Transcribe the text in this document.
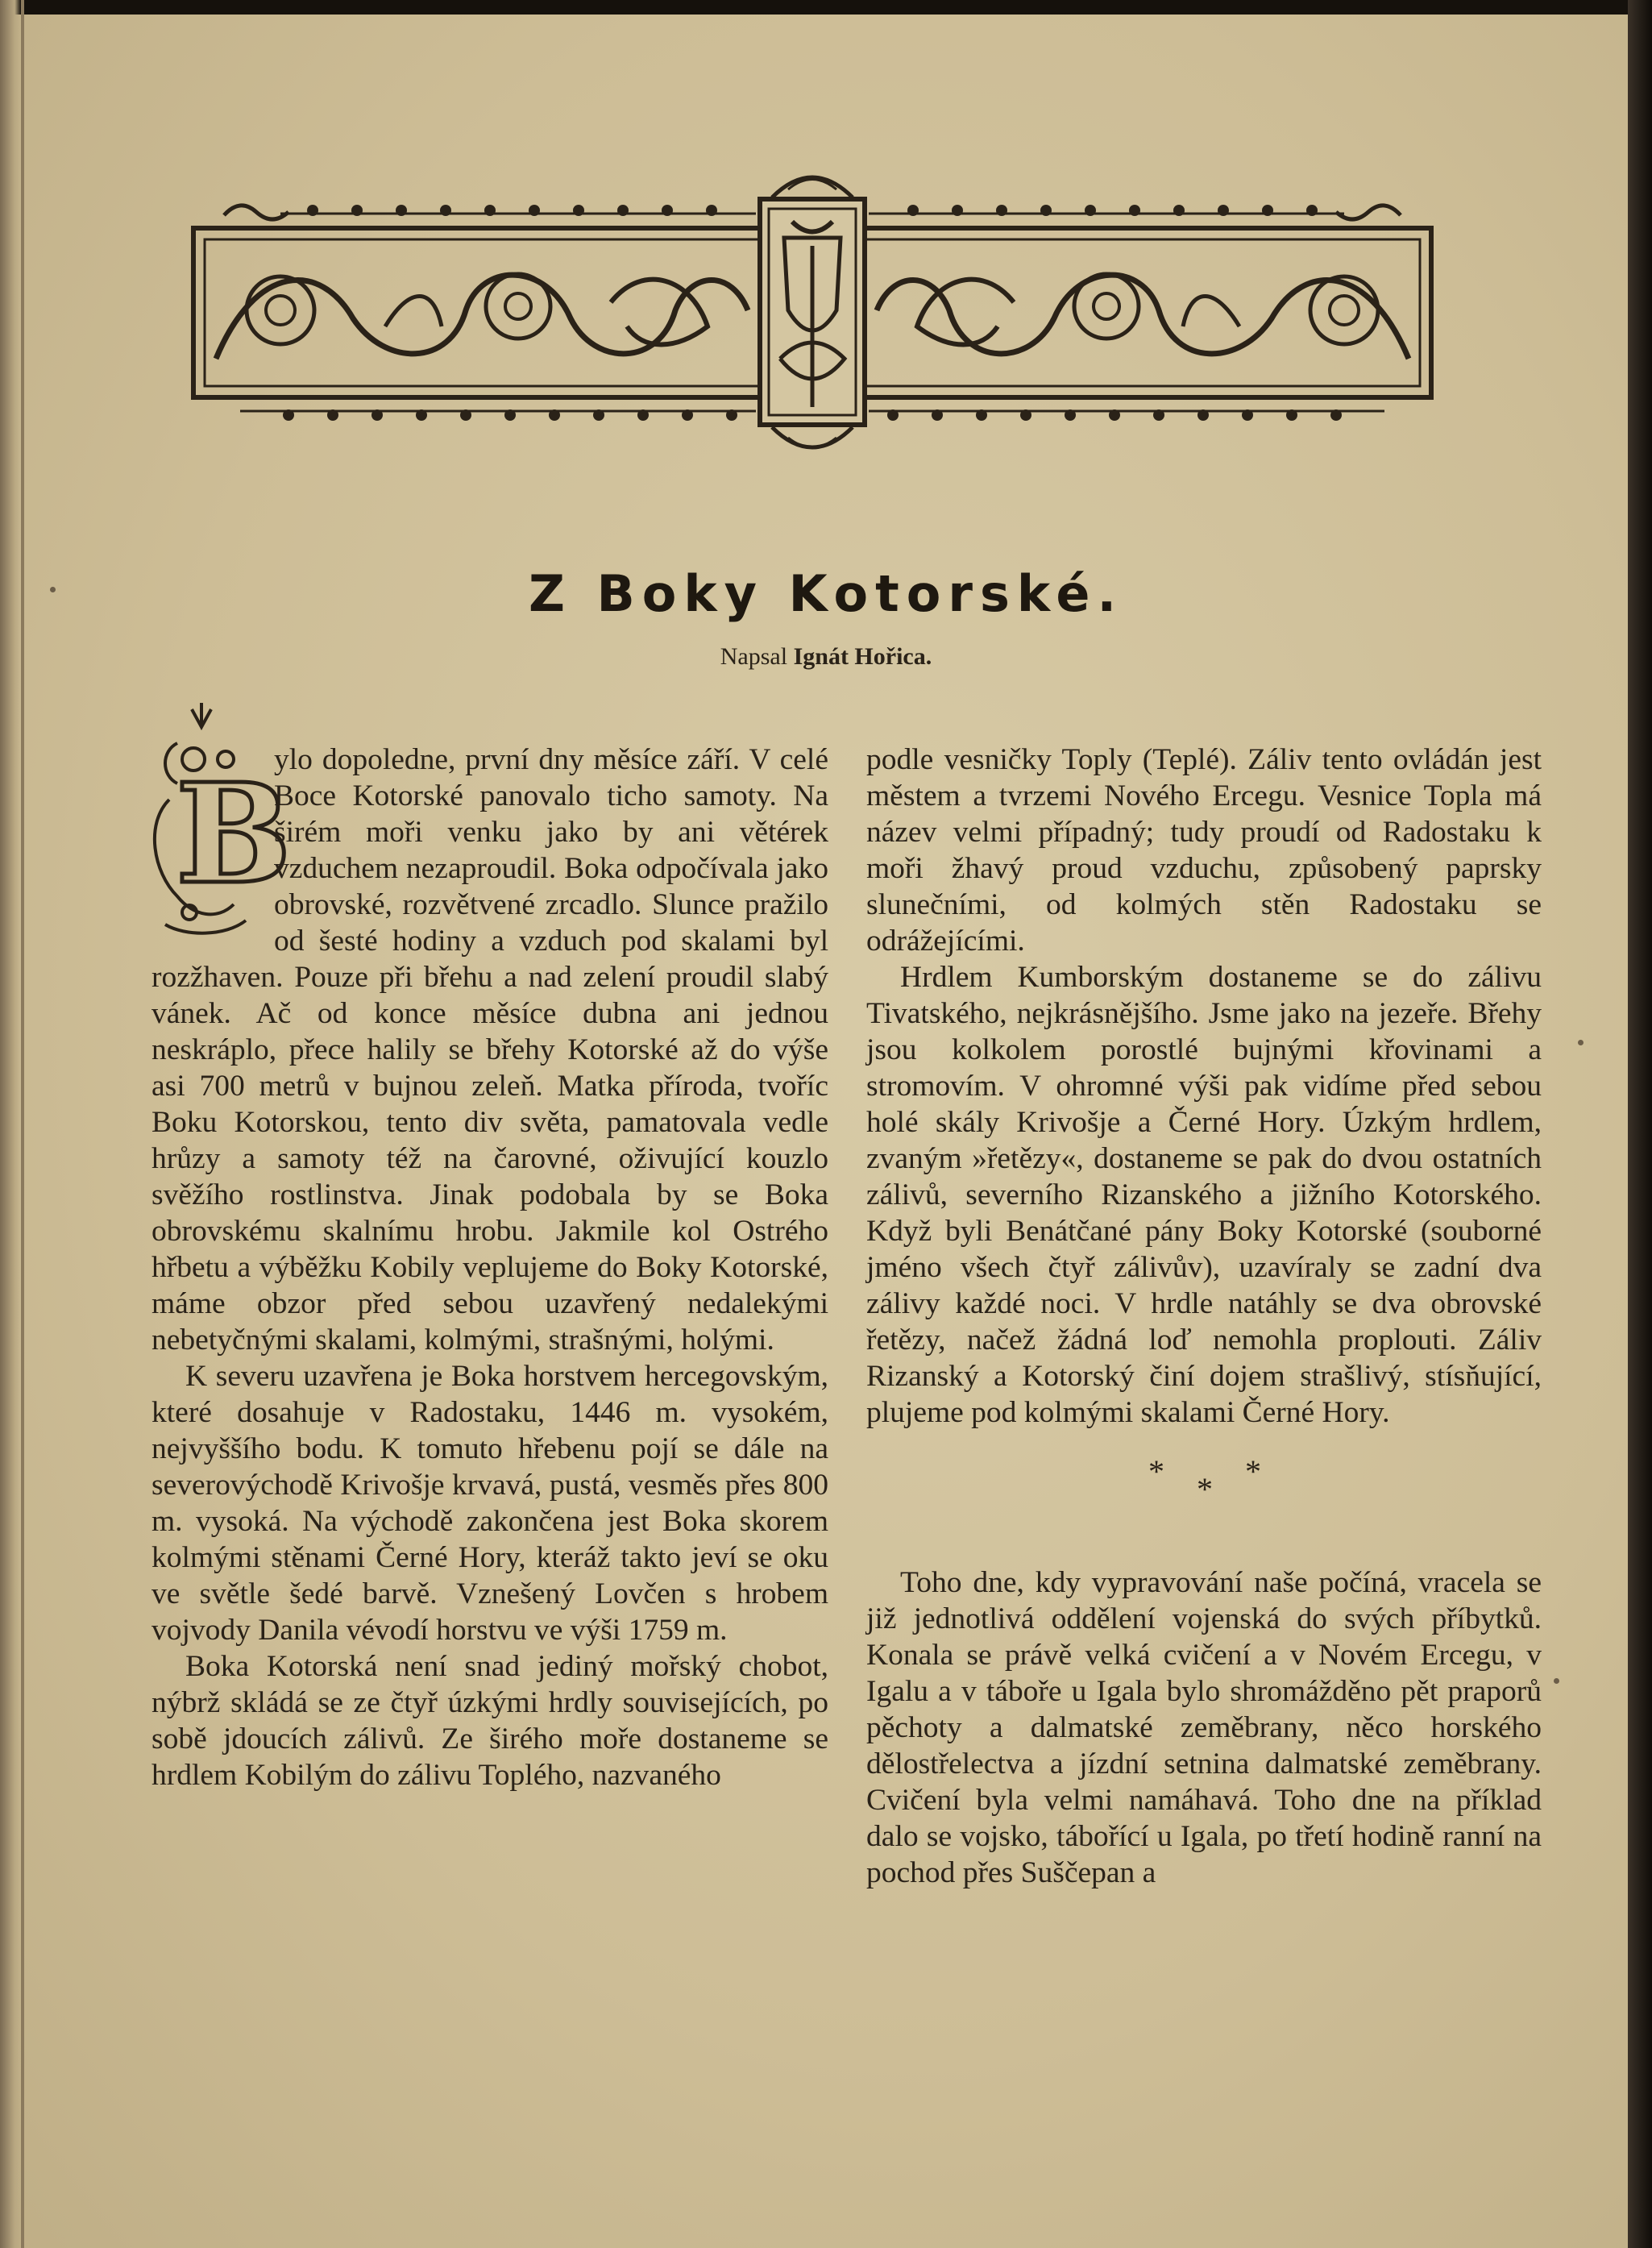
Z Boky Kotorské.
Napsal Ignát Hořica.

B
ylo dopoledne, první dny měsíce září. V celé Boce Kotorské panovalo ticho samoty. Na širém moři venku jako by ani větérek vzduchem nezaproudil. Boka odpočívala jako obrovské, rozvětvené zrcadlo. Slunce pražilo od šesté hodiny a vzduch pod skalami byl rozžhaven. Pouze při břehu a nad zelení proudil slabý vánek. Ač od konce měsíce dubna ani jednou neskráplo, přece halily se břehy Kotorské až do výše asi 700 metrů v bujnou zeleň. Matka příroda, tvoříc Boku Kotorskou, tento div světa, pamatovala vedle hrůzy a samoty též na čarovné, oživující kouzlo svěžího rostlinstva. Jinak podobala by se Boka obrovskému skalnímu hrobu. Jakmile kol Ostrého hřbetu a výběžku Kobily veplujeme do Boky Kotorské, máme obzor před sebou uzavřený nedalekými nebetyčnými skalami, kolmými, strašnými, holými.

K severu uzavřena je Boka horstvem hercegovským, které dosahuje v Radostaku, 1446 m. vysokém, nejvyššího bodu. K tomuto hřebenu pojí se dále na severovýchodě Krivošje krvavá, pustá, vesměs přes 800 m. vysoká. Na východě zakončena jest Boka skorem kolmými stěnami Černé Hory, kteráž takto jeví se oku ve světle šedé barvě. Vznešený Lovčen s hrobem vojvody Danila vévodí horstvu ve výši 1759 m.

Boka Kotorská není snad jediný mořský chobot, nýbrž skládá se ze čtyř úzkými hrdly souvisejících, po sobě jdoucích zálivů. Ze širého moře dostaneme se hrdlem Kobilým do zálivu Toplého, nazvaného

podle vesničky Toply (Teplé). Záliv tento ovládán jest městem a tvrzemi Nového Ercegu. Vesnice Topla má název velmi případný; tudy proudí od Radostaku k moři žhavý proud vzduchu, způsobený paprsky slunečními, od kolmých stěn Radostaku se odrážejícími.

Hrdlem Kumborským dostaneme se do zálivu Tivatského, nejkrásnějšího. Jsme jako na jezeře. Břehy jsou kolkolem porostlé bujnými křovinami a stromovím. V ohromné výši pak vidíme před sebou holé skály Krivošje a Černé Hory. Úzkým hrdlem, zvaným »řetězy«, dostaneme se pak do dvou ostatních zálivů, severního Rizanského a jižního Kotorského. Když byli Benátčané pány Boky Kotorské (souborné jméno všech čtyř zálivův), uzavíraly se zadní dva zálivy každé noci. V hrdle natáhly se dva obrovské řetězy, načež žádná loď nemohla proplouti. Záliv Rizanský a Kotorský činí dojem strašlivý, stísňující, plujeme pod kolmými skalami Černé Hory.

* * *

Toho dne, kdy vypravování naše počíná, vracela se již jednotlivá oddělení vojenská do svých příbytků. Konala se právě velká cvičení a v Novém Ercegu, v Igalu a v táboře u Igala bylo shromážděno pět praporů pěchoty a dalmatské zeměbrany, něco horského dělostřelectva a jízdní setnina dalmatské zeměbrany. Cvičení byla velmi namáhavá. Toho dne na příklad dalo se vojsko, tábořící u Igala, po třetí hodině ranní na pochod přes Suščepan a
